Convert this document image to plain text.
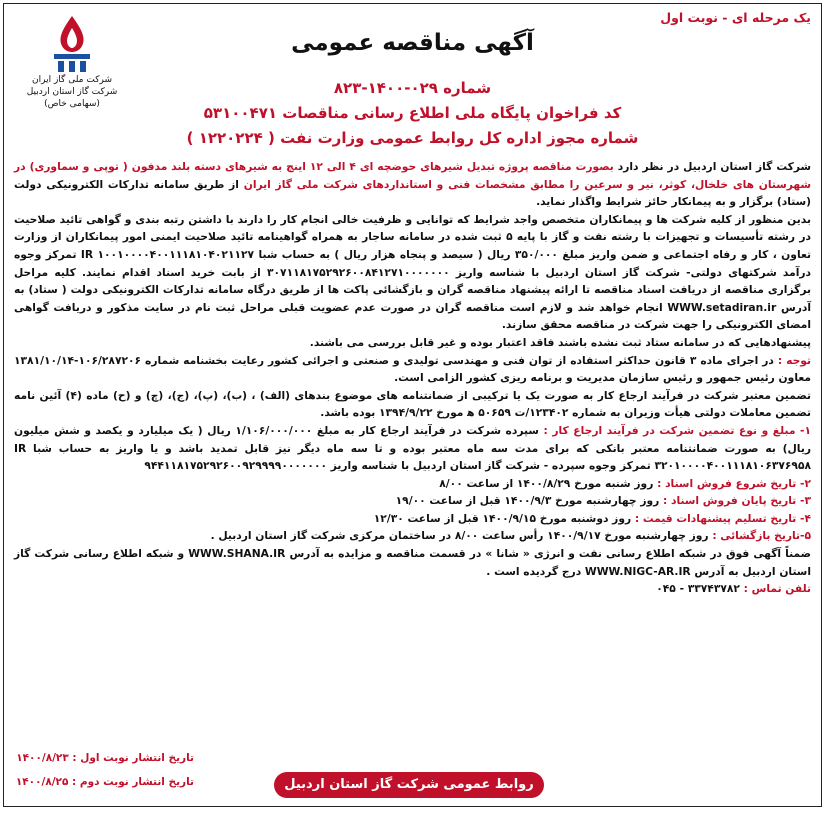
یک مرحله ای - نوبت اول
آگهی مناقصه عمومی
شماره ۰۲۹-۱۴۰۰-۸۲۳
کد فراخوان پایگاه ملی اطلاع رسانی مناقصات ۵۳۱۰۰۴۷۱
شماره مجوز اداره کل روابط عمومی وزارت نفت ( ۱۲۲۰۲۲۴ )
شرکت ملی گاز ایران
شرکت گاز استان اردبیل
(سهامی خاص)

شرکت گاز استان اردبیل در نظر دارد بصورت مناقصه پروژه تبدیل شیرهای حوضچه ای ۴ الی ۱۲ اینچ به شیرهای دسته بلند مدفون ( توپی و سماوری) در شهرستان های خلخال، کوثر، نیر و سرعین را مطابق مشخصات فنی و استانداردهای شرکت ملی گاز ایران از طریق سامانه تدارکات الکترونیکی دولت (ستاد) برگزار و به پیمانکار حائز شرایط واگذار نماید.

بدین منظور از کلیه شرکت ها و پیمانکاران متخصص واجد شرایط که توانایی و ظرفیت خالی انجام کار را دارند با داشتن رتبه بندی و گواهی تائید صلاحیت در رشته تأسیسات و تجهیزات با رشته نفت و گاز با پایه ۵ ثبت شده در سامانه ساجار به همراه گواهینامه تائید صلاحیت ایمنی امور پیمانکاران از وزارت تعاون ، کار و رفاه اجتماعی و ضمن واریز مبلغ ۳۵۰/۰۰۰ ریال ( سیصد و پنجاه هزار ریال ) به حساب شبا IR ۱۰۰۱۰۰۰۰۴۰۰۱۱۱۸۱۰۴۰۲۱۱۲۷ تمرکز وجوه درآمد شرکتهای دولتی- شرکت گاز استان اردبیل با شناسه واریز ۳۰۷۱۱۸۱۷۵۲۹۲۶۰۰۸۴۱۲۷۱۰۰۰۰۰۰۰ از بابت خرید اسناد اقدام نمایند. کلیه مراحل برگزاری مناقصه از دریافت اسناد مناقصه تا ارائه پیشنهاد مناقصه گران و بازگشائی پاکت ها از طریق درگاه سامانه تدارکات الکترونیکی دولت ( ستاد) به آدرس WWW.setadiran.ir انجام خواهد شد و لازم است مناقصه گران در صورت عدم عضویت قبلی مراحل ثبت نام در سایت مذکور و دریافت گواهی امضای الکترونیکی را جهت شرکت در مناقصه محقق سازند.

پیشنهادهایی که در سامانه ستاد ثبت نشده باشند فاقد اعتبار بوده و غیر قابل بررسی می باشند.

توجه : در اجرای ماده ۳ قانون حداکثر استفاده از توان فنی و مهندسی تولیدی و صنعتی و اجرائی کشور رعایت بخشنامه شماره ۱۰۶/۲۸۷۲۰۶-۱۳۸۱/۱۰/۱۴ معاون رئیس جمهور و رئیس سازمان مدیریت و برنامه ریزی کشور الزامی است.

تضمین معتبر شرکت در فرآیند ارجاع کار به صورت یک یا ترکیبی از ضمانتنامه های موضوع بندهای (الف) ، (ب)، (پ)، (ج)، (چ) و (ح) ماده (۴) آئین نامه تضمین معاملات دولتی هیأت وزیران به شماره ۱۲۳۴۰۲/ت ۵۰۶۵۹ ه‍ مورخ ۱۳۹۴/۹/۲۲ بوده باشد.

۱- مبلغ و نوع تضمین شرکت در فرآیند ارجاع کار : سپرده شرکت در فرآیند ارجاع کار به مبلغ ۱/۱۰۶/۰۰۰/۰۰۰ ریال ( یک میلیارد و یکصد و شش میلیون ریال) به صورت ضمانتنامه معتبر بانکی که برای مدت سه ماه معتبر بوده و تا سه ماه دیگر نیز قابل تمدید باشد و یا واریز به حساب شبا IR ۳۲۰۱۰۰۰۰۴۰۰۱۱۱۸۱۰۶۳۷۶۹۵۸ تمرکز وجوه سپرده - شرکت گاز استان اردبیل با شناسه واریز ۹۴۴۱۱۸۱۷۵۲۹۲۶۰۰۹۲۹۹۹۹۰۰۰۰۰۰۰

۲- تاریخ شروع فروش اسناد : روز شنبه مورخ ۱۴۰۰/۸/۲۹ از ساعت ۸/۰۰

۳- تاریخ پایان فروش اسناد : روز چهارشنبه مورخ ۱۴۰۰/۹/۳ قبل از ساعت ۱۹/۰۰

۴- تاریخ تسلیم پیشنهادات قیمت : روز دوشنبه مورخ ۱۴۰۰/۹/۱۵ قبل از ساعت ۱۲/۳۰

۵-تاریخ بازگشائی : روز چهارشنبه مورخ ۱۴۰۰/۹/۱۷ رأس ساعت ۸/۰۰ در ساختمان مرکزی شرکت گاز استان اردبیل .

ضمناً آگهی فوق در شبکه اطلاع رسانی نفت و انرژی « شانا » در قسمت مناقصه و مزایده به آدرس WWW.SHANA.IR و شبکه اطلاع رسانی شرکت گاز استان اردبیل به آدرس WWW.NIGC-AR.IR درج گردیده است .

تلفن تماس : ۳۳۷۴۳۷۸۲ - ۰۴۵

تاریخ انتشار نوبت اول : ۱۴۰۰/۸/۲۳
تاریخ انتشار نوبت دوم : ۱۴۰۰/۸/۲۵	روابط عمومی شرکت گاز استان اردبیل
